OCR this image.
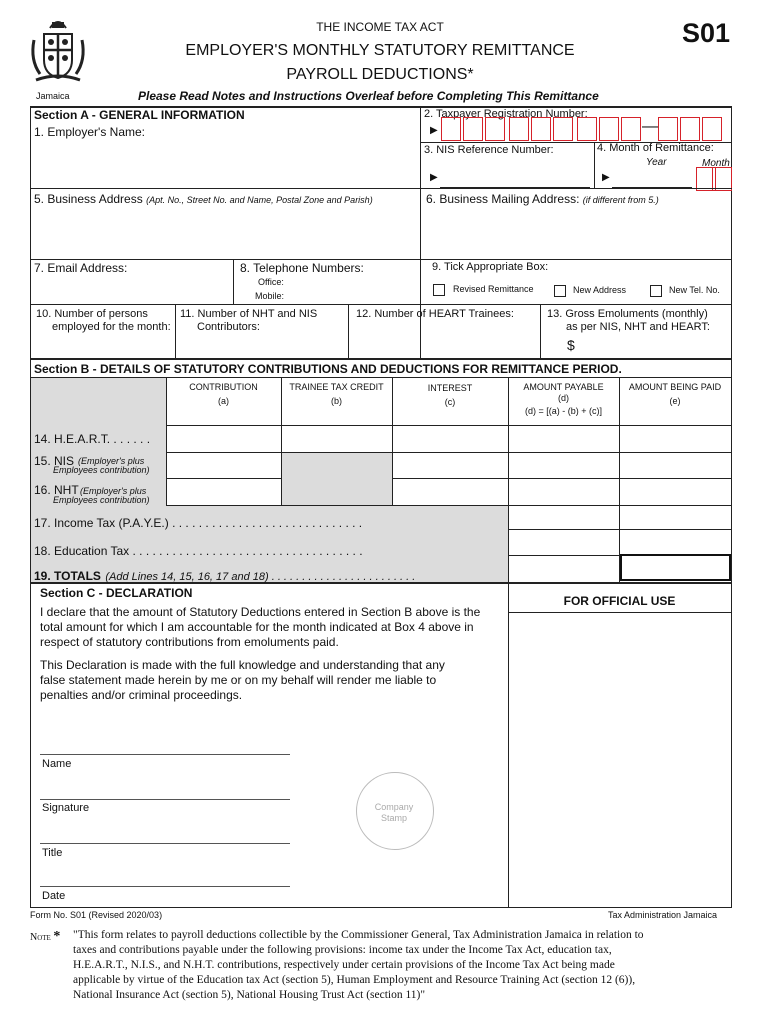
Jamaica
THE INCOME TAX ACT
EMPLOYER'S MONTHLY STATUTORY REMITTANCE
PAYROLL DEDUCTIONS*
S01
Please Read Notes and Instructions Overleaf before Completing This Remittance
Section A - GENERAL INFORMATION
1. Employer's Name:
2. Taxpayer Registration Number:
▶	—
3. NIS Reference Number:
▶
4. Month of Remittance:
Year	Month
▶
5. Business Address (Apt. No., Street No. and Name, Postal Zone and Parish)	6. Business Mailing Address: (if different from 5.)
7. Email Address:	8. Telephone Numbers:
Office:
Mobile:
9. Tick Appropriate Box:
Revised Remittance	New Address	New Tel. No.
10. Number of persons
employed for the month:
11. Number of NHT and NIS
Contributors:
12. Number of HEART Trainees:	13. Gross Emoluments (monthly)
as per NIS, NHT and HEART:
$
Section B - DETAILS OF STATUTORY CONTRIBUTIONS AND DEDUCTIONS FOR REMITTANCE PERIOD.
CONTRIBUTION
(a)
TRAINEE TAX CREDIT
(b)
INTEREST
(c)
AMOUNT PAYABLE
(d)
(d) = [(a) - (b) + (c)]
AMOUNT BEING PAID
(e)
14. H.E.A.R.T. . . . . . .
15. NIS (Employer's plus
Employees contribution)
16. NHT (Employer's plus
Employees contribution)
17. Income Tax (P.A.Y.E.) . . . . . . . . . . . . . . . . . . . . . . . . . . . . .
18. Education Tax . . . . . . . . . . . . . . . . . . . . . . . . . . . . . . . . . . .
19. TOTALS (Add Lines 14, 15, 16, 17 and 18) . . . . . . . . . . . . . . . . . . . . . . . .
Section C - DECLARATION
I declare that the amount of Statutory Deductions entered in Section B above is the
total amount for which I am accountable for the month indicated at Box 4 above in
respect of statutory contributions from emoluments paid.
This Declaration is made with the full knowledge and understanding that any
false statement made herein by me or on my behalf will render me liable to
penalties and/or criminal proceedings.
Name
Signature
Title
Date
Company
Stamp
FOR OFFICIAL USE
Form No. S01 (Revised 2020/03)	Tax Administration Jamaica
Note * "This form relates to payroll deductions collectible by the Commissioner General, Tax Administration Jamaica in relation to
taxes and contributions payable under the following provisions: income tax under the Income Tax Act, education tax,
H.E.A.R.T., N.I.S., and N.H.T. contributions, respectively under certain provisions of the Income Tax Act being made
applicable by virtue of the Education tax Act (section 5), Human Employment and Resource Training Act (section 12 (6)),
National Insurance Act (section 5), National Housing Trust Act (section 11)"
